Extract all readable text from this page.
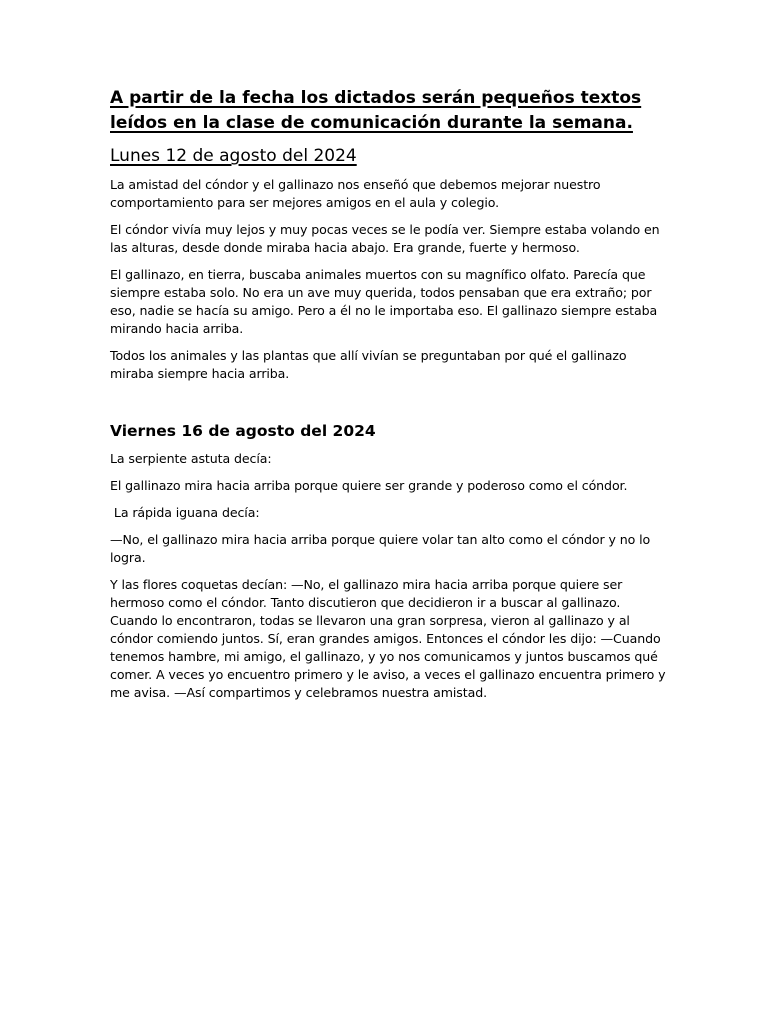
A partir de la fecha los dictados serán pequeños textos leídos en la clase de comunicación durante la semana.
Lunes 12 de agosto del 2024

La amistad del cóndor y el gallinazo nos enseñó que debemos mejorar nuestro comportamiento para ser mejores amigos en el aula y colegio.

El cóndor vivía muy lejos y muy pocas veces se le podía ver. Siempre estaba volando en las alturas, desde donde miraba hacia abajo. Era grande, fuerte y hermoso.

El gallinazo, en tierra, buscaba animales muertos con su magnífico olfato. Parecía que siempre estaba solo. No era un ave muy querida, todos pensaban que era extraño; por eso, nadie se hacía su amigo. Pero a él no le importaba eso. El gallinazo siempre estaba mirando hacia arriba.

Todos los animales y las plantas que allí vivían se preguntaban por qué el gallinazo miraba siempre hacia arriba.

Viernes 16 de agosto del 2024

La serpiente astuta decía:

El gallinazo mira hacia arriba porque quiere ser grande y poderoso como el cóndor.

La rápida iguana decía:

—No, el gallinazo mira hacia arriba porque quiere volar tan alto como el cóndor y no lo logra.

Y las flores coquetas decían: —No, el gallinazo mira hacia arriba porque quiere ser hermoso como el cóndor. Tanto discutieron que decidieron ir a buscar al gallinazo. Cuando lo encontraron, todas se llevaron una gran sorpresa, vieron al gallinazo y al cóndor comiendo juntos. Sí, eran grandes amigos. Entonces el cóndor les dijo: —Cuando tenemos hambre, mi amigo, el gallinazo, y yo nos comunicamos y juntos buscamos qué comer. A veces yo encuentro primero y le aviso, a veces el gallinazo encuentra primero y me avisa. —Así compartimos y celebramos nuestra amistad.
